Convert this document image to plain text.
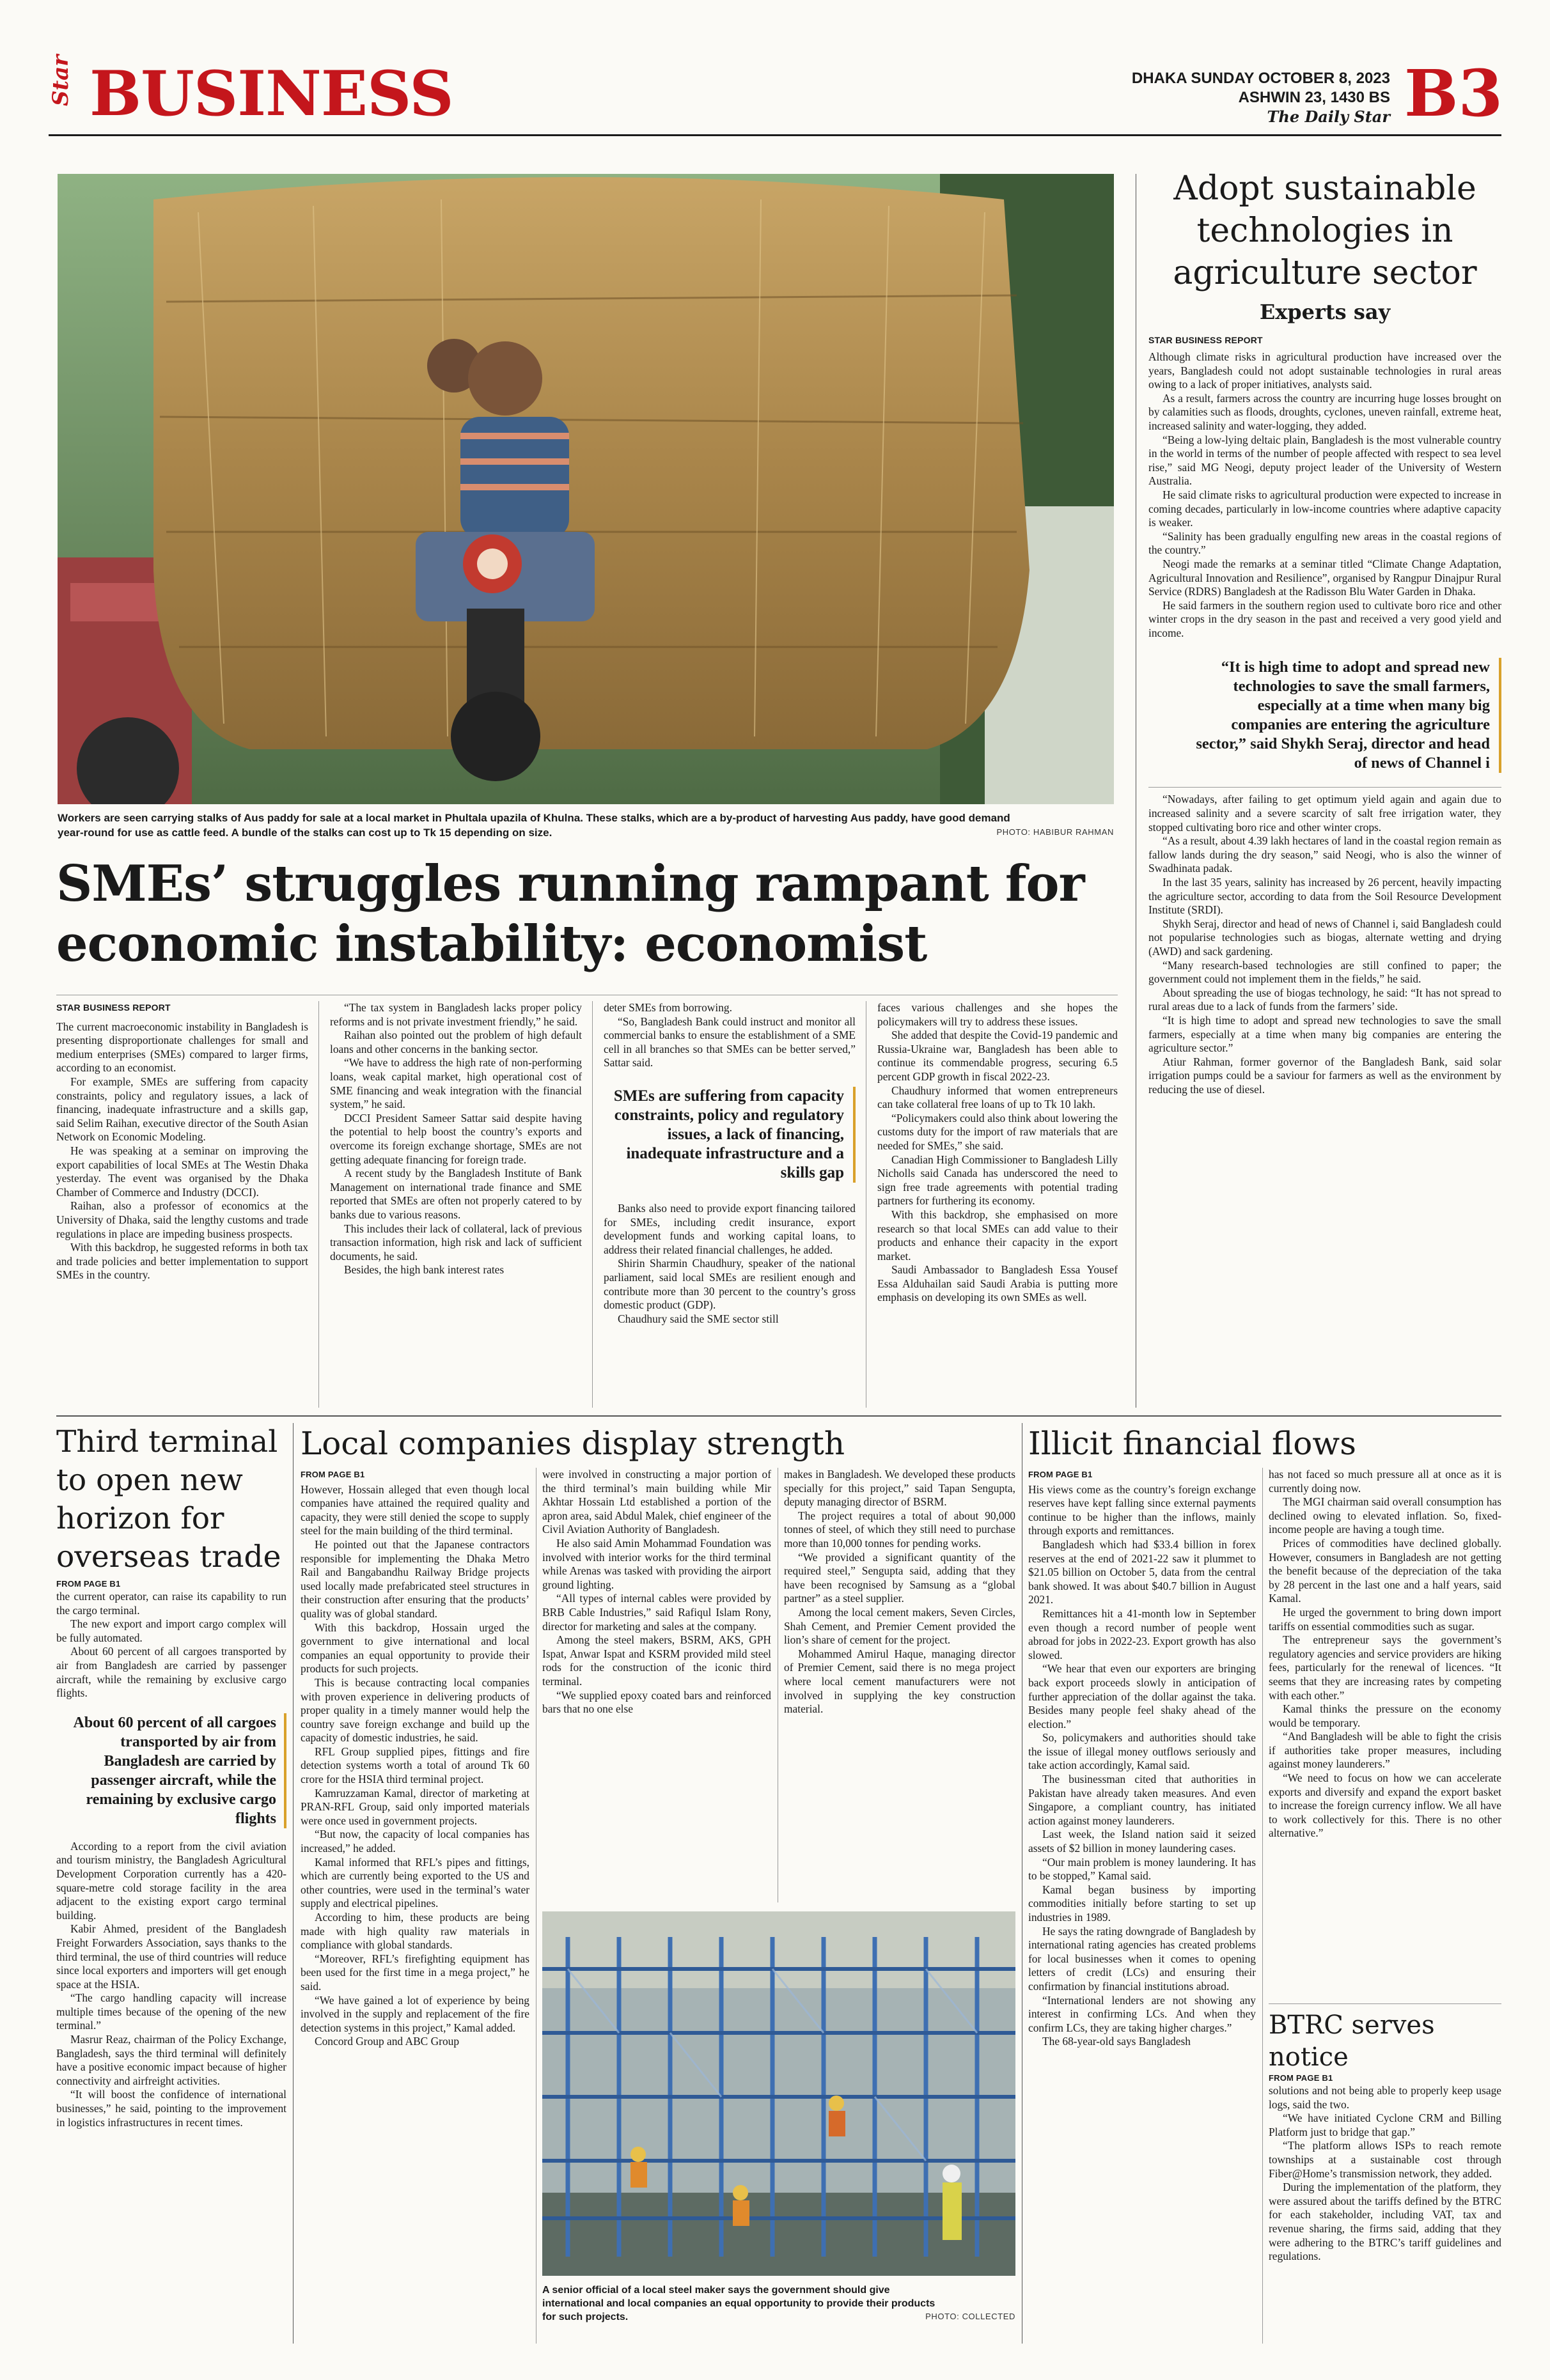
Star BUSINESS	DHAKA SUNDAY OCTOBER 8, 2023
ASHWIN 23, 1430 BS
The Daily Star B3
Workers are seen carrying stalks of Aus paddy for sale at a local market in Phultala upazila of Khulna. These stalks, which are a by-product of harvesting Aus paddy, have good demand year-round for use as cattle feed. A bundle of the stalks can cost up to Tk 15 depending on size.	PHOTO: HABIBUR RAHMAN
SMEs’ struggles running rampant for economic instability: economist
STAR BUSINESS REPORT

The current macroeconomic instability in Bangladesh is presenting disproportionate challenges for small and medium enterprises (SMEs) compared to larger firms, according to an economist.

For example, SMEs are suffering from capacity constraints, policy and regulatory issues, a lack of financing, inadequate infrastructure and a skills gap, said Selim Raihan, executive director of the South Asian Network on Economic Modeling.

He was speaking at a seminar on improving the export capabilities of local SMEs at The Westin Dhaka yesterday. The event was organised by the Dhaka Chamber of Commerce and Industry (DCCI).

Raihan, also a professor of economics at the University of Dhaka, said the lengthy customs and trade regulations in place are impeding business prospects.

With this backdrop, he suggested reforms in both tax and trade policies and better implementation to support SMEs in the country.

“The tax system in Bangladesh lacks proper policy reforms and is not private investment friendly,” he said.

Raihan also pointed out the problem of high default loans and other concerns in the banking sector.

“We have to address the high rate of non-performing loans, weak capital market, high operational cost of SME financing and weak integration with the financial system,” he said.

DCCI President Sameer Sattar said despite having the potential to help boost the country’s exports and overcome its foreign exchange shortage, SMEs are not getting adequate financing for foreign trade.

A recent study by the Bangladesh Institute of Bank Management on international trade finance and SME reported that SMEs are often not properly catered to by banks due to various reasons.

This includes their lack of collateral, lack of previous transaction information, high risk and lack of sufficient documents, he said.

Besides, the high bank interest rates

deter SMEs from borrowing.

“So, Bangladesh Bank could instruct and monitor all commercial banks to ensure the establishment of a SME cell in all branches so that SMEs can be better served,” Sattar said.

SMEs are suffering from capacity constraints, policy and regulatory issues, a lack of financing, inadequate infrastructure and a skills gap

Banks also need to provide export financing tailored for SMEs, including credit insurance, export development funds and working capital loans, to address their related financial challenges, he added.

Shirin Sharmin Chaudhury, speaker of the national parliament, said local SMEs are resilient enough and contribute more than 30 percent to the country’s gross domestic product (GDP).

Chaudhury said the SME sector still

faces various challenges and she hopes the policymakers will try to address these issues.

She added that despite the Covid-19 pandemic and Russia-Ukraine war, Bangladesh has been able to continue its commendable progress, securing 6.5 percent GDP growth in fiscal 2022-23.

Chaudhury informed that women entrepreneurs can take collateral free loans of up to Tk 10 lakh.

“Policymakers could also think about lowering the customs duty for the import of raw materials that are needed for SMEs,” she said.

Canadian High Commissioner to Bangladesh Lilly Nicholls said Canada has underscored the need to sign free trade agreements with potential trading partners for furthering its economy.

With this backdrop, she emphasised on more research so that local SMEs can add value to their products and enhance their capacity in the export market.

Saudi Ambassador to Bangladesh Essa Yousef Essa Alduhailan said Saudi Arabia is putting more emphasis on developing its own SMEs as well.

Adopt sustainable technologies in agriculture sector
Experts say
STAR BUSINESS REPORT

Although climate risks in agricultural production have increased over the years, Bangladesh could not adopt sustainable technologies in rural areas owing to a lack of proper initiatives, analysts said.

As a result, farmers across the country are incurring huge losses brought on by calamities such as floods, droughts, cyclones, uneven rainfall, extreme heat, increased salinity and water-logging, they added.

“Being a low-lying deltaic plain, Bangladesh is the most vulnerable country in the world in terms of the number of people affected with respect to sea level rise,” said MG Neogi, deputy project leader of the University of Western Australia.

He said climate risks to agricultural production were expected to increase in coming decades, particularly in low-income countries where adaptive capacity is weaker.

“Salinity has been gradually engulfing new areas in the coastal regions of the country.”

Neogi made the remarks at a seminar titled “Climate Change Adaptation, Agricultural Innovation and Resilience”, organised by Rangpur Dinajpur Rural Service (RDRS) Bangladesh at the Radisson Blu Water Garden in Dhaka.

He said farmers in the southern region used to cultivate boro rice and other winter crops in the dry season in the past and received a very good yield and income.

“It is high time to adopt and spread new technologies to save the small farmers, especially at a time when many big companies are entering the agriculture sector,” said Shykh Seraj, director and head of news of Channel i

“Nowadays, after failing to get optimum yield again and again due to increased salinity and a severe scarcity of salt free irrigation water, they stopped cultivating boro rice and other winter crops.

“As a result, about 4.39 lakh hectares of land in the coastal region remain as fallow lands during the dry season,” said Neogi, who is also the winner of Swadhinata padak.

In the last 35 years, salinity has increased by 26 percent, heavily impacting the agriculture sector, according to data from the Soil Resource Development Institute (SRDI).

Shykh Seraj, director and head of news of Channel i, said Bangladesh could not popularise technologies such as biogas, alternate wetting and drying (AWD) and sack gardening.

“Many research-based technologies are still confined to paper; the government could not implement them in the fields,” he said.

About spreading the use of biogas technology, he said: “It has not spread to rural areas due to a lack of funds from the farmers’ side.

“It is high time to adopt and spread new technologies to save the small farmers, especially at a time when many big companies are entering the agriculture sector.”

Atiur Rahman, former governor of the Bangladesh Bank, said solar irrigation pumps could be a saviour for farmers as well as the environment by reducing the use of diesel.

Third terminal to open new horizon for overseas trade
FROM PAGE B1

the current operator, can raise its capability to run the cargo terminal.

The new export and import cargo complex will be fully automated.

About 60 percent of all cargoes transported by air from Bangladesh are carried by passenger aircraft, while the remaining by exclusive cargo flights.

About 60 percent of all cargoes transported by air from Bangladesh are carried by passenger aircraft, while the remaining by exclusive cargo flights

According to a report from the civil aviation and tourism ministry, the Bangladesh Agricultural Development Corporation currently has a 420-square-metre cold storage facility in the area adjacent to the existing export cargo terminal building.

Kabir Ahmed, president of the Bangladesh Freight Forwarders Association, says thanks to the third terminal, the use of third countries will reduce since local exporters and importers will get enough space at the HSIA.

“The cargo handling capacity will increase multiple times because of the opening of the new terminal.”

Masrur Reaz, chairman of the Policy Exchange, Bangladesh, says the third terminal will definitely have a positive economic impact because of higher connectivity and airfreight activities.

“It will boost the confidence of international businesses,” he said, pointing to the improvement in logistics infrastructures in recent times.

Local companies display strength
FROM PAGE B1

However, Hossain alleged that even though local companies have attained the required quality and capacity, they were still denied the scope to supply steel for the main building of the third terminal.

He pointed out that the Japanese contractors responsible for implementing the Dhaka Metro Rail and Bangabandhu Railway Bridge projects used locally made prefabricated steel structures in their construction after ensuring that the products’ quality was of global standard.

With this backdrop, Hossain urged the government to give international and local companies an equal opportunity to provide their products for such projects.

This is because contracting local companies with proven experience in delivering products of proper quality in a timely manner would help the country save foreign exchange and build up the capacity of domestic industries, he said.

RFL Group supplied pipes, fittings and fire detection systems worth a total of around Tk 60 crore for the HSIA third terminal project.

Kamruzzaman Kamal, director of marketing at PRAN-RFL Group, said only imported materials were once used in government projects.

“But now, the capacity of local companies has increased,” he added.

Kamal informed that RFL’s pipes and fittings, which are currently being exported to the US and other countries, were used in the terminal’s water supply and electrical pipelines.

According to him, these products are being made with high quality raw materials in compliance with global standards.

“Moreover, RFL’s firefighting equipment has been used for the first time in a mega project,” he said.

“We have gained a lot of experience by being involved in the supply and replacement of the fire detection systems in this project,” Kamal added.

Concord Group and ABC Group

were involved in constructing a major portion of the third terminal’s main building while Mir Akhtar Hossain Ltd established a portion of the apron area, said Abdul Malek, chief engineer of the Civil Aviation Authority of Bangladesh.

He also said Amin Mohammad Foundation was involved with interior works for the third terminal while Arenas was tasked with providing the airport ground lighting.

“All types of internal cables were provided by BRB Cable Industries,” said Rafiqul Islam Rony, director for marketing and sales at the company.

Among the steel makers, BSRM, AKS, GPH Ispat, Anwar Ispat and KSRM provided mild steel rods for the construction of the iconic third terminal.

“We supplied epoxy coated bars and reinforced bars that no one else

makes in Bangladesh. We developed these products specially for this project,” said Tapan Sengupta, deputy managing director of BSRM.

The project requires a total of about 90,000 tonnes of steel, of which they still need to purchase more than 10,000 tonnes for pending works.

“We provided a significant quantity of the required steel,” Sengupta said, adding that they have been recognised by Samsung as a “global partner” as a steel supplier.

Among the local cement makers, Seven Circles, Shah Cement, and Premier Cement provided the lion’s share of cement for the project.

Mohammed Amirul Haque, managing director of Premier Cement, said there is no mega project where local cement manufacturers were not involved in supplying the key construction material.

A senior official of a local steel maker says the government should give international and local companies an equal opportunity to provide their products for such projects.	PHOTO: COLLECTED
Illicit financial flows
FROM PAGE B1

His views come as the country’s foreign exchange reserves have kept falling since external payments continue to be higher than the inflows, mainly through exports and remittances.

Bangladesh which had $33.4 billion in forex reserves at the end of 2021-22 saw it plummet to $21.05 billion on October 5, data from the central bank showed. It was about $40.7 billion in August 2021.

Remittances hit a 41-month low in September even though a record number of people went abroad for jobs in 2022-23. Export growth has also slowed.

“We hear that even our exporters are bringing back export proceeds slowly in anticipation of further appreciation of the dollar against the taka. Besides many people feel shaky ahead of the election.”

So, policymakers and authorities should take the issue of illegal money outflows seriously and take action accordingly, Kamal said.

The businessman cited that authorities in Pakistan have already taken measures. And even Singapore, a compliant country, has initiated action against money launderers.

Last week, the Island nation said it seized assets of $2 billion in money laundering cases.

“Our main problem is money laundering. It has to be stopped,” Kamal said.

Kamal began business by importing commodities initially before starting to set up industries in 1989.

He says the rating downgrade of Bangladesh by international rating agencies has created problems for local businesses when it comes to opening letters of credit (LCs) and ensuring their confirmation by financial institutions abroad.

“International lenders are not showing any interest in confirming LCs. And when they confirm LCs, they are taking higher charges.”

The 68-year-old says Bangladesh

has not faced so much pressure all at once as it is currently doing now.

The MGI chairman said overall consumption has declined owing to elevated inflation. So, fixed-income people are having a tough time.

Prices of commodities have declined globally. However, consumers in Bangladesh are not getting the benefit because of the depreciation of the taka by 28 percent in the last one and a half years, said Kamal.

He urged the government to bring down import tariffs on essential commodities such as sugar.

The entrepreneur says the government’s regulatory agencies and service providers are hiking fees, particularly for the renewal of licences. “It seems that they are increasing rates by competing with each other.”

Kamal thinks the pressure on the economy would be temporary.

“And Bangladesh will be able to fight the crisis if authorities take proper measures, including against money launderers.”

“We need to focus on how we can accelerate exports and diversify and expand the export basket to increase the foreign currency inflow. We all have to work collectively for this. There is no other alternative.”

BTRC serves notice
FROM PAGE B1

solutions and not being able to properly keep usage logs, said the two.

“We have initiated Cyclone CRM and Billing Platform just to bridge that gap.”

“The platform allows ISPs to reach remote townships at a sustainable cost through Fiber@Home’s transmission network, they added.

During the implementation of the platform, they were assured about the tariffs defined by the BTRC for each stakeholder, including VAT, tax and revenue sharing, the firms said, adding that they were adhering to the BTRC’s tariff guidelines and regulations.
